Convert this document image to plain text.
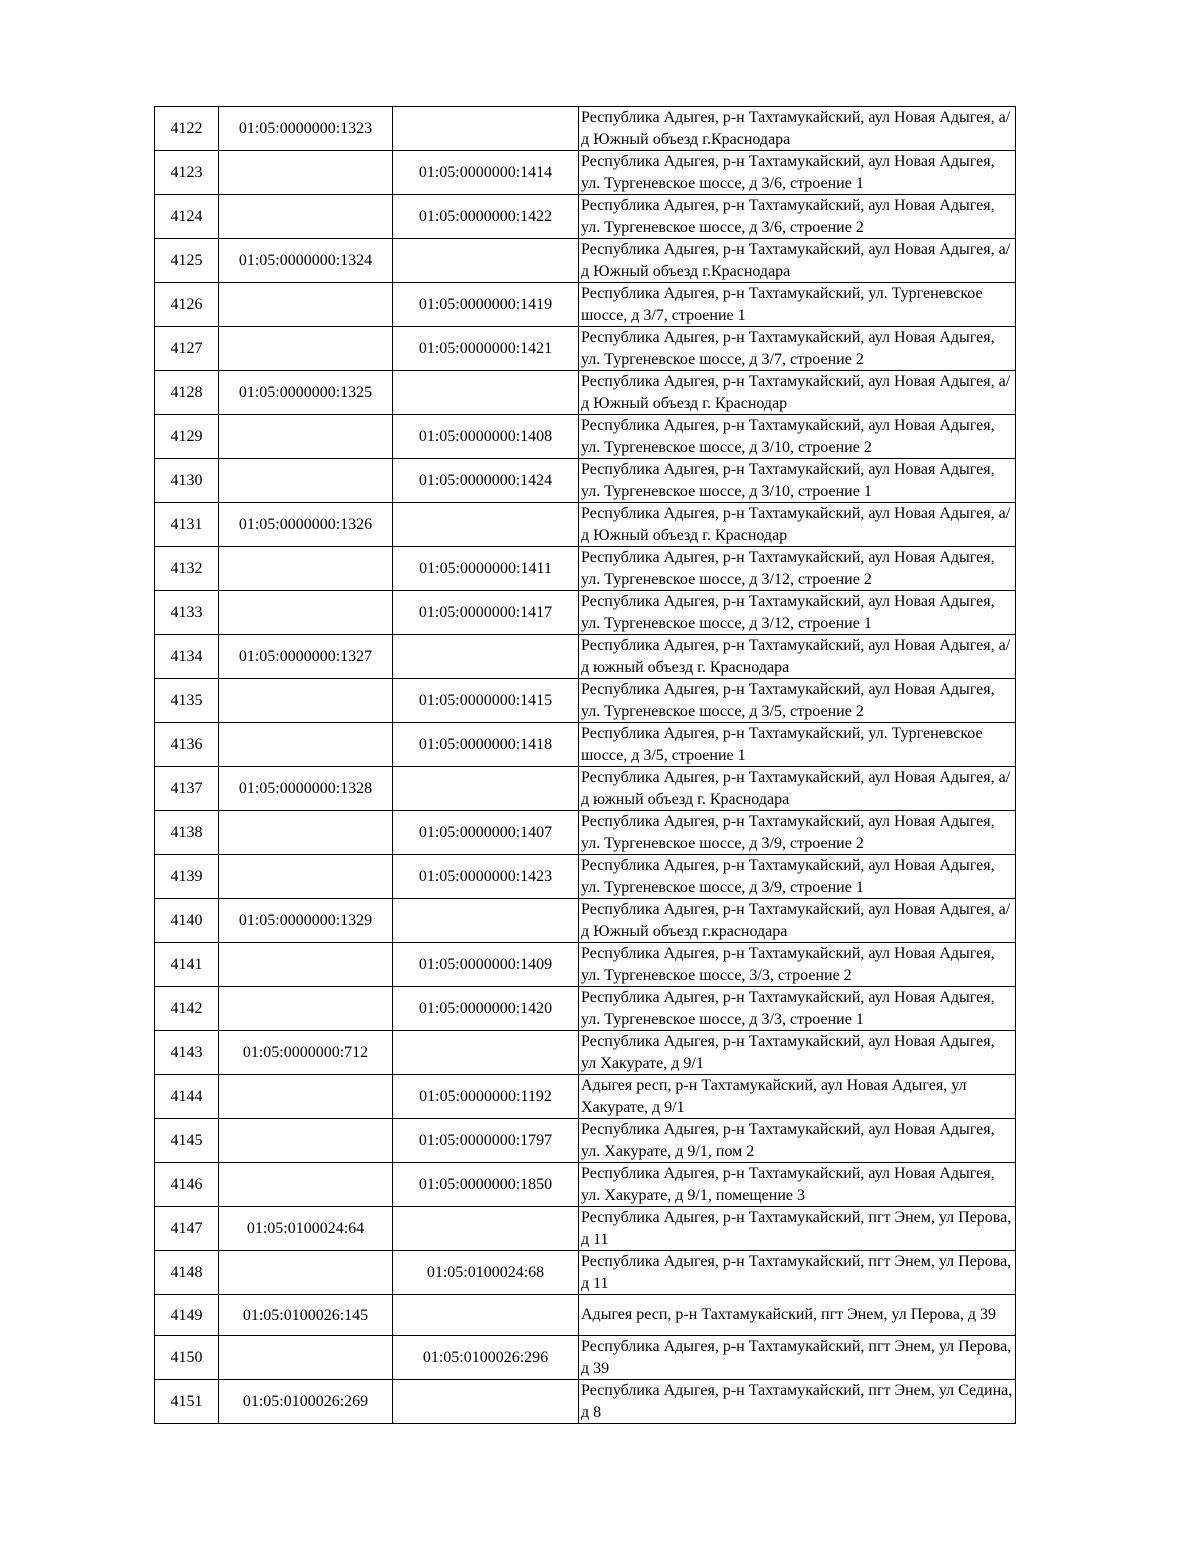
4122	01:05:0000000:1323		Республика Адыгея, р-н Тахтамукайский, аул Новая Адыгея, а/д Южный объезд г.Краснодара
4123		01:05:0000000:1414	Республика Адыгея, р-н Тахтамукайский, аул Новая Адыгея, ул. Тургеневское шоссе, д 3/6, строение 1
4124		01:05:0000000:1422	Республика Адыгея, р-н Тахтамукайский, аул Новая Адыгея, ул. Тургеневское шоссе, д 3/6, строение 2
4125	01:05:0000000:1324		Республика Адыгея, р-н Тахтамукайский, аул Новая Адыгея, а/д Южный объезд г.Краснодара
4126		01:05:0000000:1419	Республика Адыгея, р-н Тахтамукайский, ул. Тургеневское шоссе, д 3/7, строение 1
4127		01:05:0000000:1421	Республика Адыгея, р-н Тахтамукайский, аул Новая Адыгея, ул. Тургеневское шоссе, д 3/7, строение 2
4128	01:05:0000000:1325		Республика Адыгея, р-н Тахтамукайский, аул Новая Адыгея, а/д Южный объезд г. Краснодар
4129		01:05:0000000:1408	Республика Адыгея, р-н Тахтамукайский, аул Новая Адыгея, ул. Тургеневское шоссе, д 3/10, строение 2
4130		01:05:0000000:1424	Республика Адыгея, р-н Тахтамукайский, аул Новая Адыгея, ул. Тургеневское шоссе, д 3/10, строение 1
4131	01:05:0000000:1326		Республика Адыгея, р-н Тахтамукайский, аул Новая Адыгея, а/д Южный объезд г. Краснодар
4132		01:05:0000000:1411	Республика Адыгея, р-н Тахтамукайский, аул Новая Адыгея, ул. Тургеневское шоссе, д 3/12, строение 2
4133		01:05:0000000:1417	Республика Адыгея, р-н Тахтамукайский, аул Новая Адыгея, ул. Тургеневское шоссе, д 3/12, строение 1
4134	01:05:0000000:1327		Республика Адыгея, р-н Тахтамукайский, аул Новая Адыгея, а/д южный объезд г. Краснодара
4135		01:05:0000000:1415	Республика Адыгея, р-н Тахтамукайский, аул Новая Адыгея, ул. Тургеневское шоссе, д 3/5, строение 2
4136		01:05:0000000:1418	Республика Адыгея, р-н Тахтамукайский, ул. Тургеневское шоссе, д 3/5, строение 1
4137	01:05:0000000:1328		Республика Адыгея, р-н Тахтамукайский, аул Новая Адыгея, а/д южный объезд г. Краснодара
4138		01:05:0000000:1407	Республика Адыгея, р-н Тахтамукайский, аул Новая Адыгея, ул. Тургеневское шоссе, д 3/9, строение 2
4139		01:05:0000000:1423	Республика Адыгея, р-н Тахтамукайский, аул Новая Адыгея, ул. Тургеневское шоссе, д 3/9, строение 1
4140	01:05:0000000:1329		Республика Адыгея, р-н Тахтамукайский, аул Новая Адыгея, а/д Южный объезд г.краснодара
4141		01:05:0000000:1409	Республика Адыгея, р-н Тахтамукайский, аул Новая Адыгея, ул. Тургеневское шоссе, 3/3, строение 2
4142		01:05:0000000:1420	Республика Адыгея, р-н Тахтамукайский, аул Новая Адыгея, ул. Тургеневское шоссе, д 3/3, строение 1
4143	01:05:0000000:712		Республика Адыгея, р-н Тахтамукайский, аул Новая Адыгея, ул Хакурате, д 9/1
4144		01:05:0000000:1192	Адыгея респ, р-н Тахтамукайский, аул Новая Адыгея, ул Хакурате, д 9/1
4145		01:05:0000000:1797	Республика Адыгея, р-н Тахтамукайский, аул Новая Адыгея, ул. Хакурате, д 9/1, пом 2
4146		01:05:0000000:1850	Республика Адыгея, р-н Тахтамукайский, аул Новая Адыгея, ул. Хакурате, д 9/1, помещение 3
4147	01:05:0100024:64		Республика Адыгея, р-н Тахтамукайский, пгт Энем, ул Перова, д 11
4148		01:05:0100024:68	Республика Адыгея, р-н Тахтамукайский, пгт Энем, ул Перова, д 11
4149	01:05:0100026:145		Адыгея респ, р-н Тахтамукайский, пгт Энем, ул Перова, д 39
4150		01:05:0100026:296	Республика Адыгея, р-н Тахтамукайский, пгт Энем, ул Перова, д 39
4151	01:05:0100026:269		Республика Адыгея, р-н Тахтамукайский, пгт Энем, ул Седина, д 8
